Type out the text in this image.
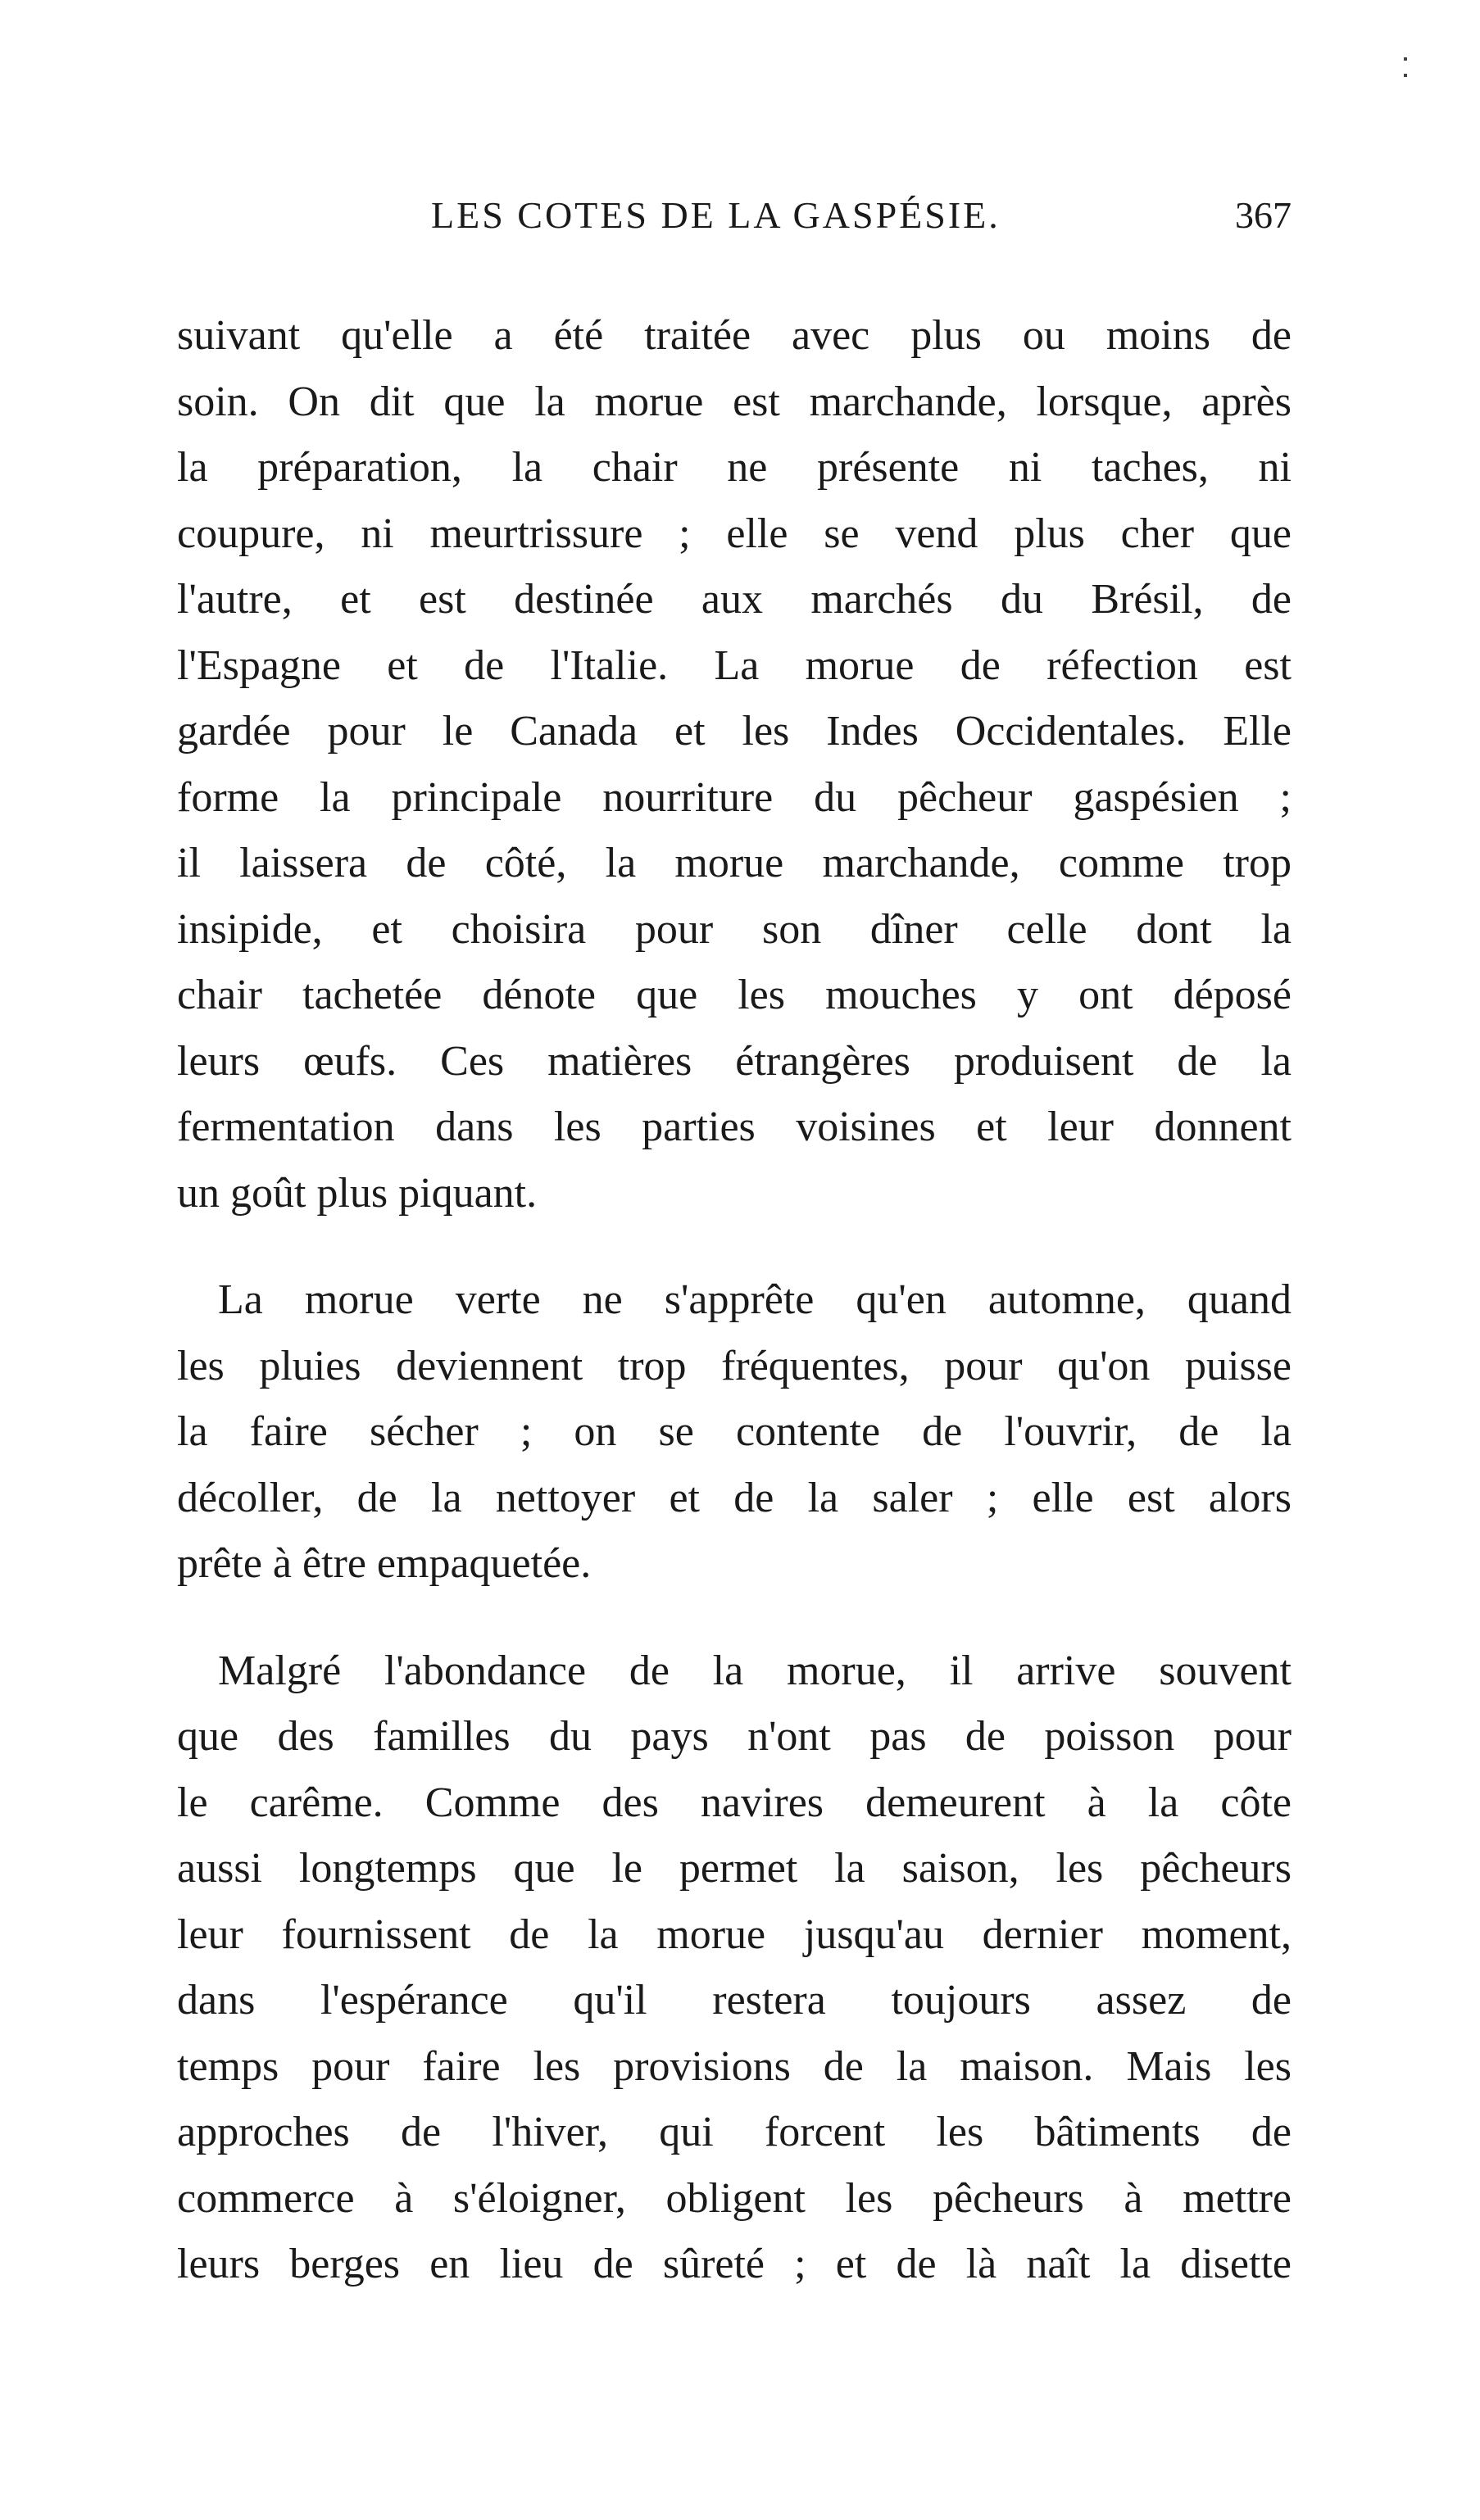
LES COTES DE LA GASPÉSIE.	367

suivant qu'elle a été traitée avec plus ou moins de
soin. On dit que la morue est marchande, lorsque, après
la préparation, la chair ne présente ni taches, ni
coupure, ni meurtrissure ; elle se vend plus cher que
l'autre, et est destinée aux marchés du Brésil, de
l'Espagne et de l'Italie. La morue de réfection est
gardée pour le Canada et les Indes Occidentales. Elle
forme la principale nourriture du pêcheur gaspésien ;
il laissera de côté, la morue marchande, comme trop
insipide, et choisira pour son dîner celle dont la
chair tachetée dénote que les mouches y ont déposé
leurs œufs. Ces matières étrangères produisent de la
fermentation dans les parties voisines et leur donnent
un goût plus piquant.

La morue verte ne s'apprête qu'en automne, quand
les pluies deviennent trop fréquentes, pour qu'on puisse
la faire sécher ; on se contente de l'ouvrir, de la
décoller, de la nettoyer et de la saler ; elle est alors
prête à être empaquetée.

Malgré l'abondance de la morue, il arrive souvent
que des familles du pays n'ont pas de poisson pour
le carême. Comme des navires demeurent à la côte
aussi longtemps que le permet la saison, les pêcheurs
leur fournissent de la morue jusqu'au dernier moment,
dans l'espérance qu'il restera toujours assez de
temps pour faire les provisions de la maison. Mais les
approches de l'hiver, qui forcent les bâtiments de
commerce à s'éloigner, obligent les pêcheurs à mettre
leurs berges en lieu de sûreté ; et de là naît la disette
